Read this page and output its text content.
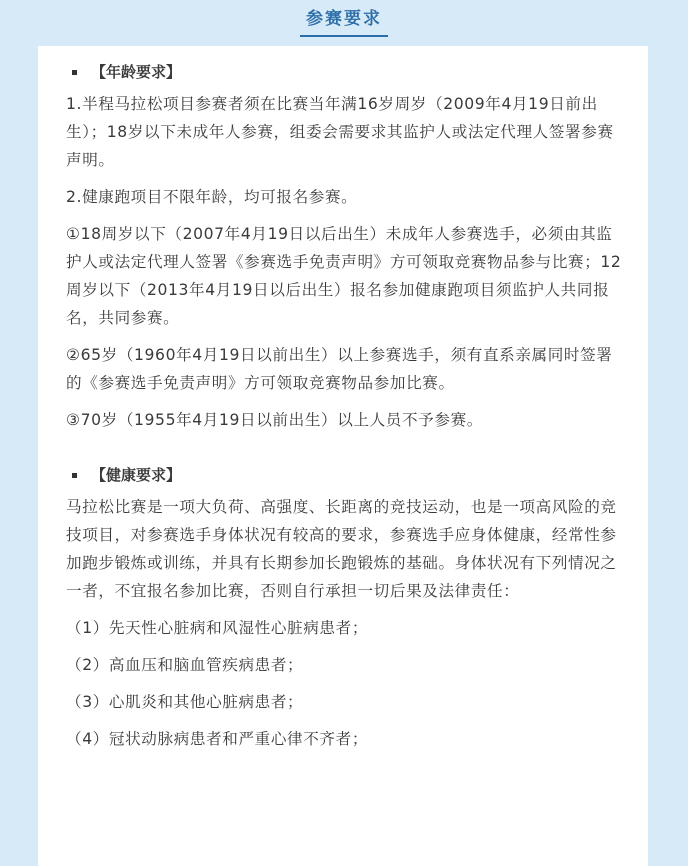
参赛要求
【年龄要求】

1.半程马拉松项目参赛者须在比赛当年满16岁周岁（2009年4月19日前出生）；18岁以下未成年人参赛，组委会需要求其监护人或法定代理人签署参赛声明。

2.健康跑项目不限年龄，均可报名参赛。

①18周岁以下（2007年4月19日以后出生）未成年人参赛选手，必须由其监护人或法定代理人签署《参赛选手免责声明》方可领取竞赛物品参与比赛；12周岁以下（2013年4月19日以后出生）报名参加健康跑项目须监护人共同报名，共同参赛。

②65岁（1960年4月19日以前出生）以上参赛选手，须有直系亲属同时签署的《参赛选手免责声明》方可领取竞赛物品参加比赛。

③70岁（1955年4月19日以前出生）以上人员不予参赛。

【健康要求】

马拉松比赛是一项大负荷、高强度、长距离的竞技运动，也是一项高风险的竞技项目，对参赛选手身体状况有较高的要求，参赛选手应身体健康，经常性参加跑步锻炼或训练，并具有长期参加长跑锻炼的基础。身体状况有下列情况之一者，不宜报名参加比赛，否则自行承担一切后果及法律责任：

（1）先天性心脏病和风湿性心脏病患者；

（2）高血压和脑血管疾病患者；

（3）心肌炎和其他心脏病患者；

（4）冠状动脉病患者和严重心律不齐者；
